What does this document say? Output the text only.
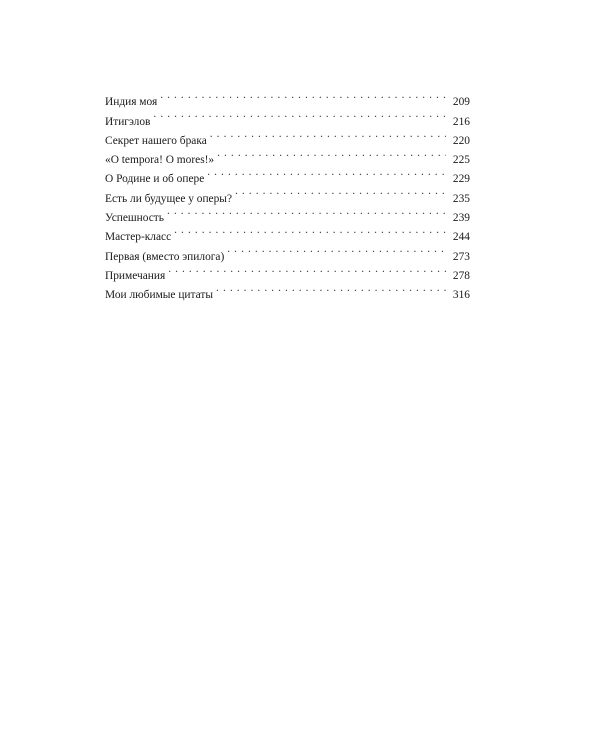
Индия моя . . .	209
Итигэлов . . .	216
Секрет нашего брака . . .	220
«O tempora! O mores!» . . .	225
О Родине и об опере . . .	229
Есть ли будущее у оперы? . . .	235
Успешность . . .	239
Мастер-класс . . .	244
Первая (вместо эпилога) . . .	273
Примечания . . .	278
Мои любимые цитаты . . .	316
